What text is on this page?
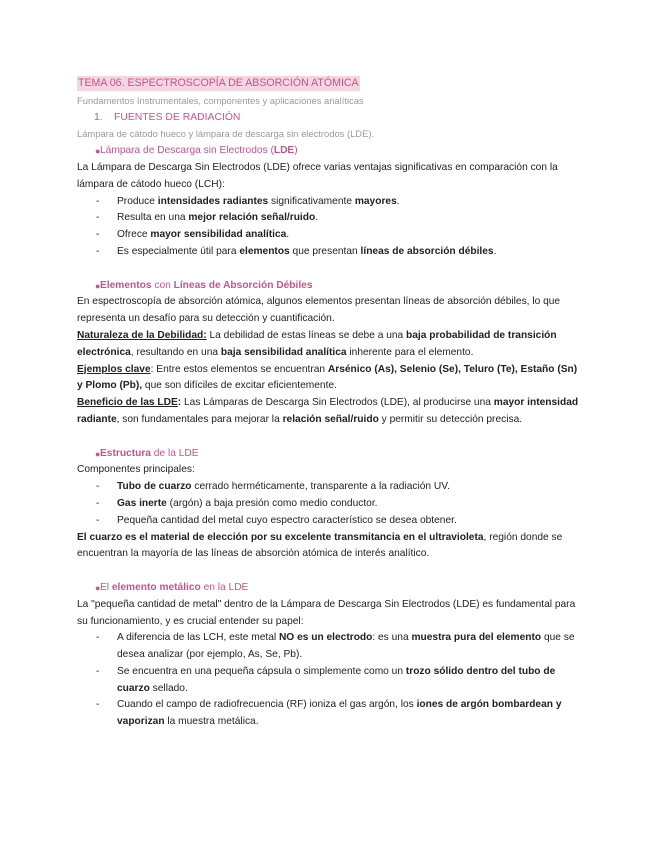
TEMA 06. ESPECTROSCOPÍA DE ABSORCIÓN ATÓMICA

Fundamentos Instrumentales, componentes y aplicaciones analíticas

1. FUENTES DE RADIACIÓN

Lámpara de cátodo hueco y lámpara de descarga sin electrodos (LDE).

● Lámpara de Descarga sin Electrodos (LDE)

La Lámpara de Descarga Sin Electrodos (LDE) ofrece varias ventajas significativas en comparación con la lámpara de cátodo hueco (LCH):

- Produce intensidades radiantes significativamente mayores.

- Resulta en una mejor relación señal/ruido.

- Ofrece mayor sensibilidad analítica.

- Es especialmente útil para elementos que presentan líneas de absorción débiles.

● Elementos con Líneas de Absorción Débiles

En espectroscopía de absorción atómica, algunos elementos presentan líneas de absorción débiles, lo que representa un desafío para su detección y cuantificación.

Naturaleza de la Debilidad: La debilidad de estas líneas se debe a una baja probabilidad de transición electrónica, resultando en una baja sensibilidad analítica inherente para el elemento.

Ejemplos clave: Entre estos elementos se encuentran Arsénico (As), Selenio (Se), Teluro (Te), Estaño (Sn) y Plomo (Pb), que son difíciles de excitar eficientemente.

Beneficio de las LDE: Las Lámparas de Descarga Sin Electrodos (LDE), al producirse una mayor intensidad radiante, son fundamentales para mejorar la relación señal/ruido y permitir su detección precisa.

● Estructura de la LDE

Componentes principales:

- Tubo de cuarzo cerrado herméticamente, transparente a la radiación UV.

- Gas inerte (argón) a baja presión como medio conductor.

- Pequeña cantidad del metal cuyo espectro característico se desea obtener.

El cuarzo es el material de elección por su excelente transmitancia en el ultravioleta, región donde se encuentran la mayoría de las líneas de absorción atómica de interés analítico.

● El elemento metálico en la LDE

La "pequeña cantidad de metal" dentro de la Lámpara de Descarga Sin Electrodos (LDE) es fundamental para su funcionamiento, y es crucial entender su papel:

- A diferencia de las LCH, este metal NO es un electrodo: es una muestra pura del elemento que se desea analizar (por ejemplo, As, Se, Pb).

- Se encuentra en una pequeña cápsula o simplemente como un trozo sólido dentro del tubo de cuarzo sellado.

- Cuando el campo de radiofrecuencia (RF) ioniza el gas argón, los iones de argón bombardean y vaporizan la muestra metálica.
